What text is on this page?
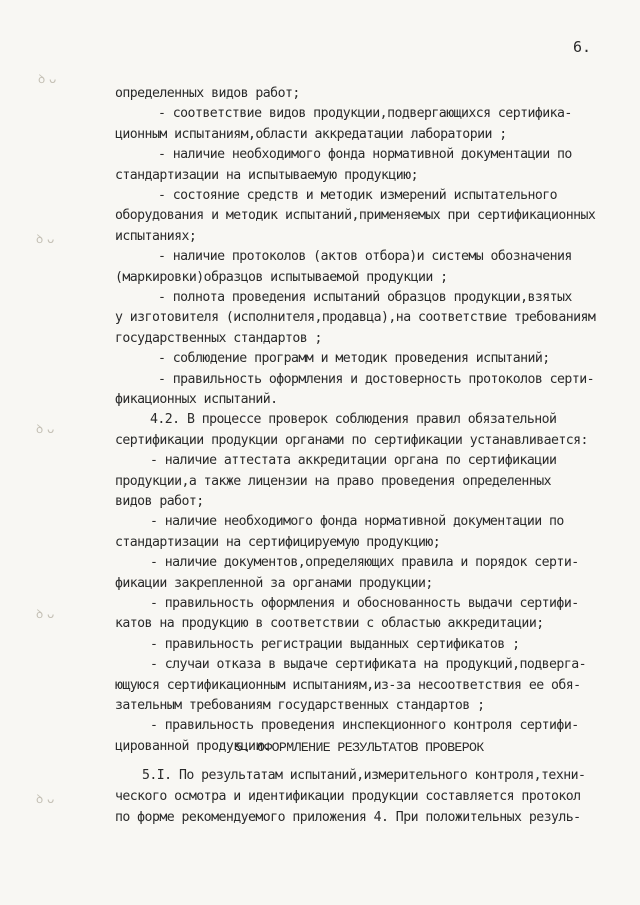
6.
ꝺ ᴗ
ꝺ ᴗ
ꝺ ᴗ
ꝺ ᴗ
ꝺ ᴗ
определенных видов работ;
- соответствие видов продукции,подвергающихся сертифика-
ционным испытаниям,области аккредатации лаборатории ;
- наличие необходимого фонда нормативной документации по
стандартизации на испытываемую продукцию;
- состояние средств и методик измерений испытательного
оборудования и методик испытаний,применяемых при сертификационных
испытаниях;
- наличие протоколов (актов отбора)и системы обозначения
(маркировки)образцов испытываемой продукции ;
- полнота проведения испытаний образцов продукции,взятых
у изготовителя (исполнителя,продавца),на соответствие требованиям
государственных стандартов ;
- соблюдение программ и методик проведения испытаний;
- правильность оформления и достоверность протоколов серти-
фикационных испытаний.
4.2. В процессе проверок соблюдения правил обязательной
сертификации продукции органами по сертификации устанавливается:
- наличие аттестата аккредитации органа по сертификации
продукции,а также лицензии на право проведения определенных
видов работ;
- наличие необходимого фонда нормативной документации по
стандартизации на сертифицируемую продукцию;
- наличие документов,определяющих правила и порядок серти-
фикации закрепленной за органами продукции;
- правильность оформления и обоснованность выдачи сертифи-
катов на продукцию в соответствии с областью аккредитации;
- правильность регистрации выданных сертификатов ;
- случаи отказа в выдаче сертификата на продукций,подверга-
ющуюся сертификационным испытаниям,из-за несоответствия ее обя-
зательным требованиям государственных стандартов ;
- правильность проведения инспекционного контроля сертифи-
цированной продукции.
5. ОФОРМЛЕНИЕ РЕЗУЛЬТАТОВ ПРОВЕРОК
5.I. По результатам испытаний,измерительного контроля,техни-
ческого осмотра и идентификации продукции составляется протокол
по форме рекомендуемого приложения 4. При положительных резуль-
